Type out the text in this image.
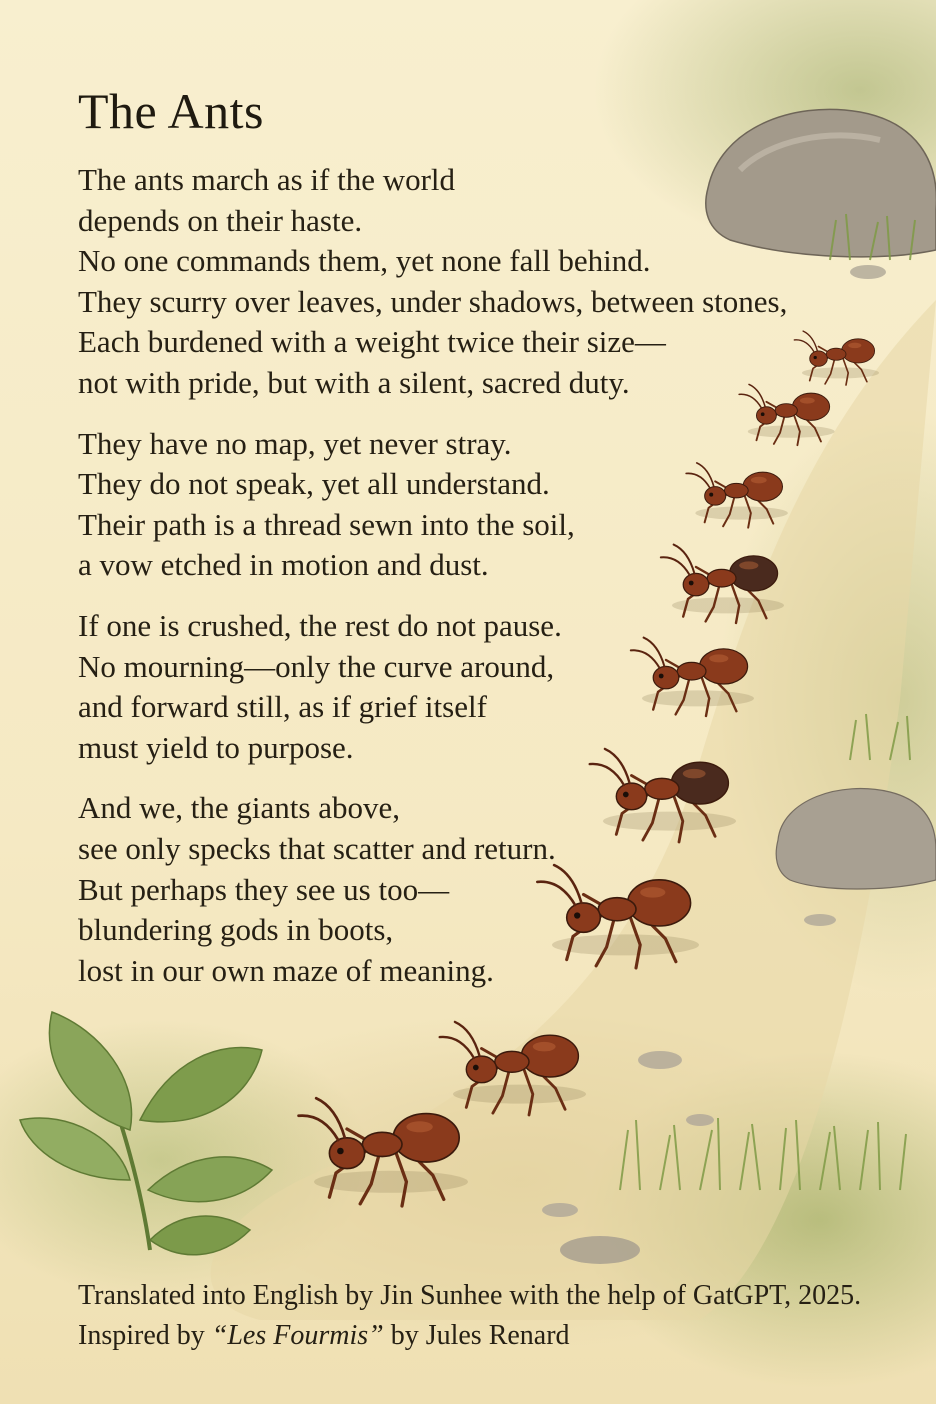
The Ants
The ants march as if the world
depends on their haste.
No one commands them, yet none fall behind.
They scurry over leaves, under shadows, between stones,
Each burdened with a weight twice their size—
not with pride, but with a silent, sacred duty.
They have no map, yet never stray.
They do not speak, yet all understand.
Their path is a thread sewn into the soil,
a vow etched in motion and dust.
If one is crushed, the rest do not pause.
No mourning—only the curve around,
and forward still, as if grief itself
must yield to purpose.
And we, the giants above,
see only specks that scatter and return.
But perhaps they see us too—
blundering gods in boots,
lost in our own maze of meaning.
Translated into English by Jin Sunhee with the help of GatGPT, 2025.
Inspired by “Les Fourmis” by Jules Renard
